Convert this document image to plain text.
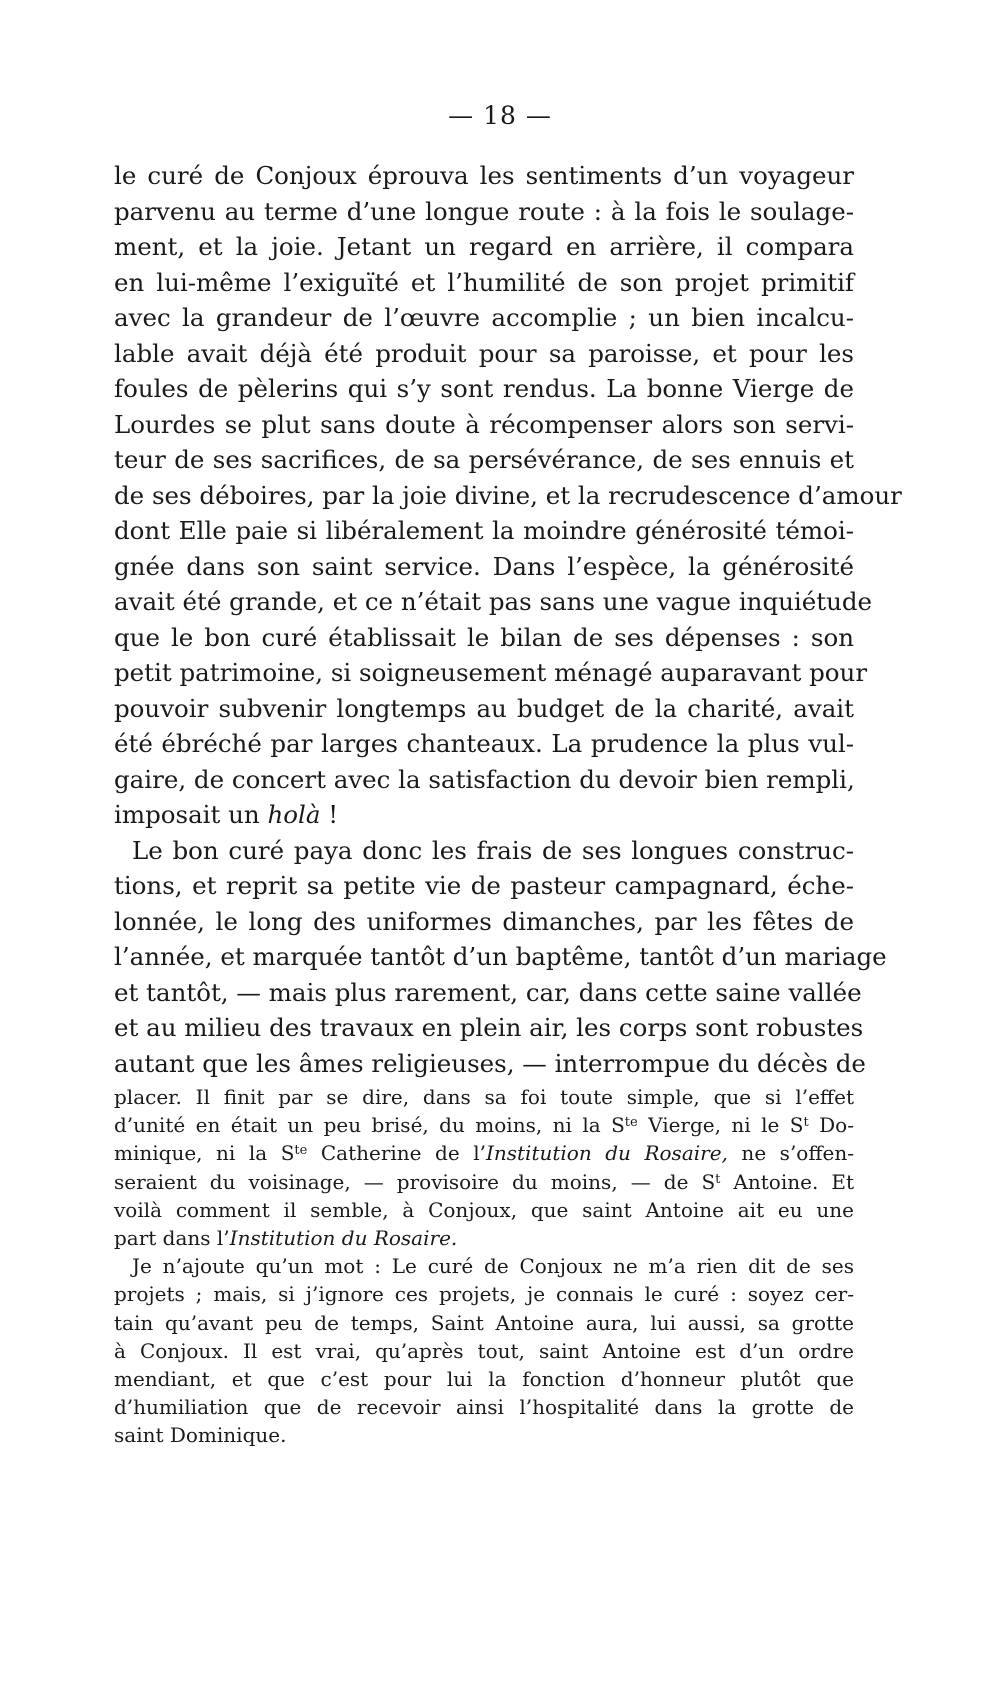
— 18 —
le curé de Conjoux éprouva les sentiments d’un voyageur
parvenu au terme d’une longue route : à la fois le soulage-
ment, et la joie. Jetant un regard en arrière, il compara
en lui-même l’exiguïté et l’humilité de son projet primitif
avec la grandeur de l’œuvre accomplie ; un bien incalcu-
lable avait déjà été produit pour sa paroisse, et pour les
foules de pèlerins qui s’y sont rendus. La bonne Vierge de
Lourdes se plut sans doute à récompenser alors son servi-
teur de ses sacrifices, de sa persévérance, de ses ennuis et
de ses déboires, par la joie divine, et la recrudescence d’amour
dont Elle paie si libéralement la moindre générosité témoi-
gnée dans son saint service. Dans l’espèce, la générosité
avait été grande, et ce n’était pas sans une vague inquiétude
que le bon curé établissait le bilan de ses dépenses : son
petit patrimoine, si soigneusement ménagé auparavant pour
pouvoir subvenir longtemps au budget de la charité, avait
été ébréché par larges chanteaux. La prudence la plus vul-
gaire, de concert avec la satisfaction du devoir bien rempli,
imposait un holà !
Le bon curé paya donc les frais de ses longues construc-
tions, et reprit sa petite vie de pasteur campagnard, éche-
lonnée, le long des uniformes dimanches, par les fêtes de
l’année, et marquée tantôt d’un baptême, tantôt d’un mariage
et tantôt, — mais plus rarement, car, dans cette saine vallée
et au milieu des travaux en plein air, les corps sont robustes
autant que les âmes religieuses, — interrompue du décès de
placer. Il finit par se dire, dans sa foi toute simple, que si l’effet
d’unité en était un peu brisé, du moins, ni la $S^{te}$ Vierge, ni le $S^t$ Do-
minique, ni la $S^{te}$ Catherine de l’Institution du Rosaire, ne s’offen-
seraient du voisinage, — provisoire du moins, — de $S^t$ Antoine. Et
voilà comment il semble, à Conjoux, que saint Antoine ait eu une
part dans l’Institution du Rosaire.
Je n’ajoute qu’un mot : Le curé de Conjoux ne m’a rien dit de ses
projets ; mais, si j’ignore ces projets, je connais le curé : soyez cer-
tain qu’avant peu de temps, Saint Antoine aura, lui aussi, sa grotte
à Conjoux. Il est vrai, qu’après tout, saint Antoine est d’un ordre
mendiant, et que c’est pour lui la fonction d’honneur plutôt que
d’humiliation que de recevoir ainsi l’hospitalité dans la grotte de
saint Dominique.
